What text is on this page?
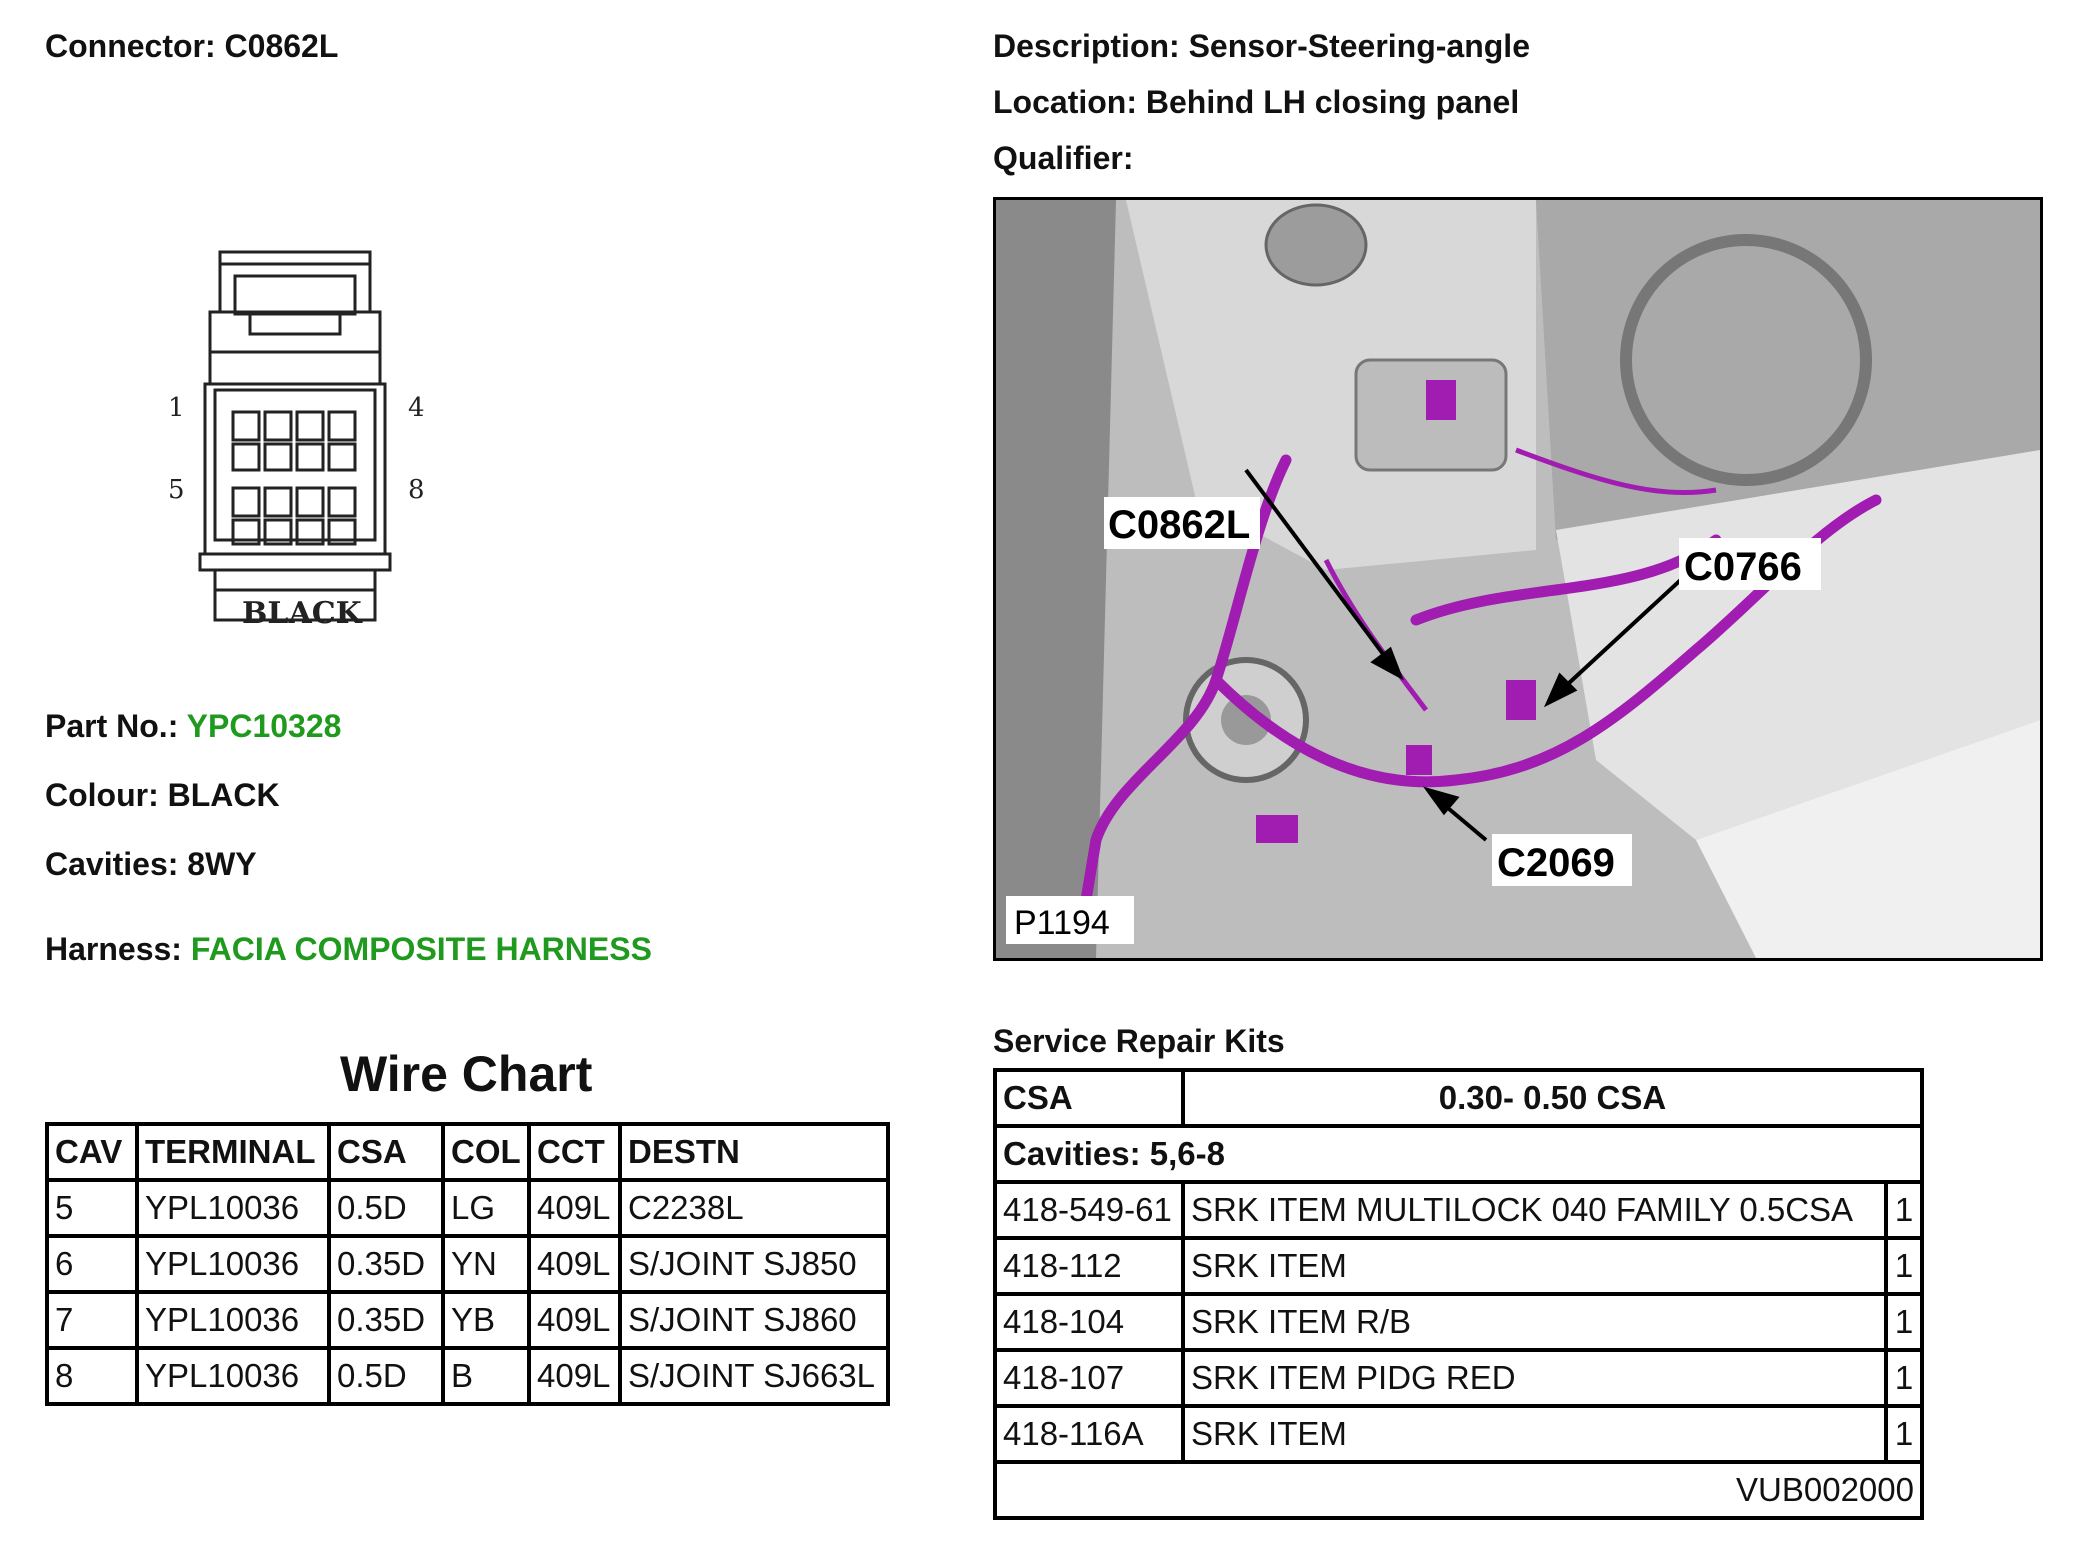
Connector: C0862L	Description: Sensor-Steering-angle
Location: Behind LH closing panel
Qualifier:
1	4
5	8
BLACK
Part No.: YPC10328
Colour: BLACK
Cavities: 8WY
Harness: FACIA COMPOSITE HARNESS
C0862L
C0766
C2069
P1194
Wire Chart
CAV	TERMINAL	CSA	COL	CCT	DESTN
5	YPL10036	0.5D	LG	409L	C2238L
6	YPL10036	0.35D	YN	409L	S/JOINT SJ850
7	YPL10036	0.35D	YB	409L	S/JOINT SJ860
8	YPL10036	0.5D	B	409L	S/JOINT SJ663L
Service Repair Kits
CSA	0.30- 0.50 CSA	
Cavities: 5,6-8		
418-549-61	SRK ITEM MULTILOCK 040 FAMILY 0.5CSA	1
418-112	SRK ITEM	1
418-104	SRK ITEM R/B	1
418-107	SRK ITEM PIDG RED	1
418-116A	SRK ITEM	1
VUB002000		
